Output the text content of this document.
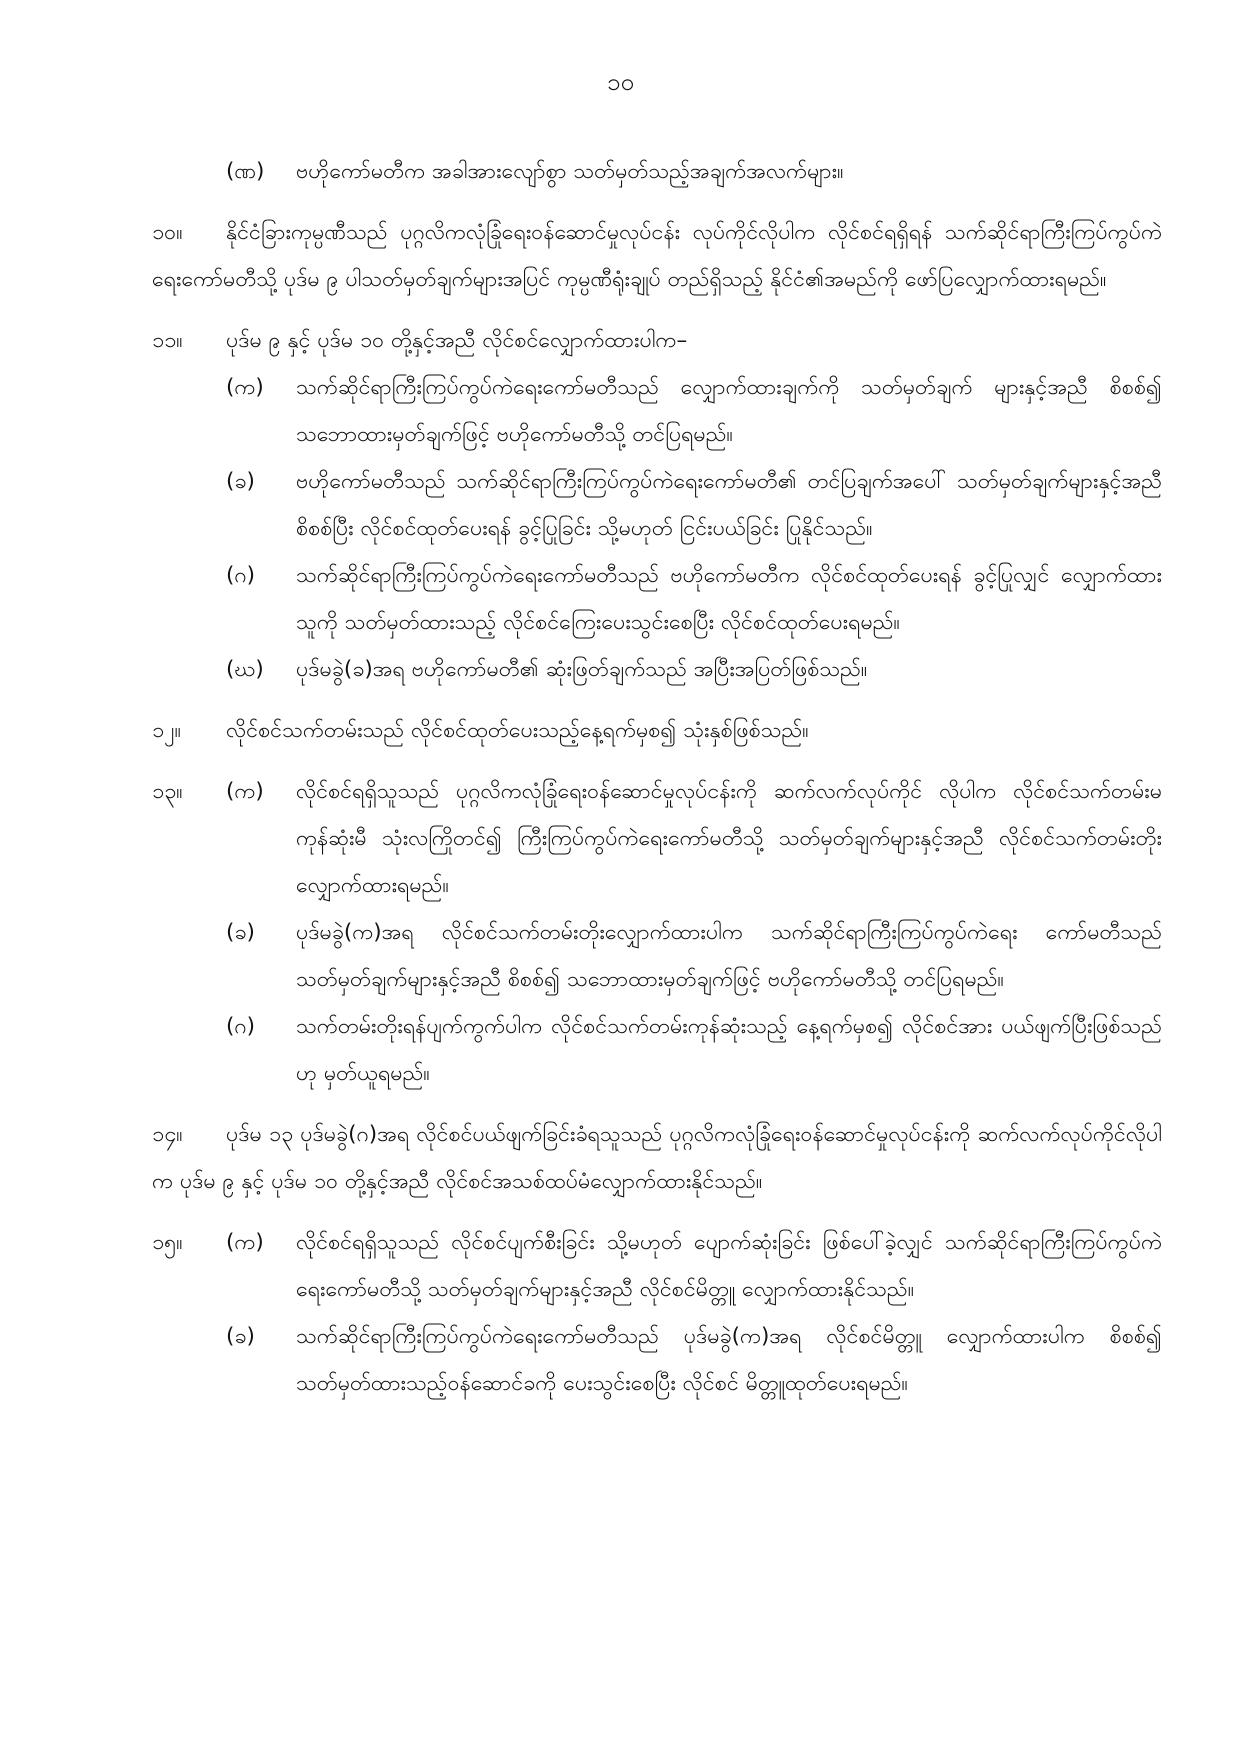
၁၀
(ဏ) ဗဟိုကော်မတီက အခါအားလျော်စွာ သတ်မှတ်သည့်အချက်အလက်များ။

၁၀။ နိုင်ငံခြားကုမ္ပဏီသည် ပုဂ္ဂလိကလုံခြုံရေးဝန်ဆောင်မှုလုပ်ငန်း လုပ်ကိုင်လိုပါက လိုင်စင်ရရှိရန် သက်ဆိုင်ရာကြီးကြပ်ကွပ်ကဲရေးကော်မတီသို့ ပုဒ်မ ၉ ပါသတ်မှတ်ချက်များအပြင် ကုမ္ပဏီရုံးချုပ် တည်ရှိသည့် နိုင်ငံ၏အမည်ကို ဖော်ပြလျှောက်ထားရမည်။

၁၁။	ပုဒ်မ ၉ နှင့် ပုဒ်မ ၁၀ တို့နှင့်အညီ လိုင်စင်လျှောက်ထားပါက–
(က) သက်ဆိုင်ရာကြီးကြပ်ကွပ်ကဲရေးကော်မတီသည် လျှောက်ထားချက်ကို သတ်မှတ်ချက် များနှင့်အညီ စိစစ်၍ သဘောထားမှတ်ချက်ဖြင့် ဗဟိုကော်မတီသို့ တင်ပြရမည်။
(ခ) ဗဟိုကော်မတီသည် သက်ဆိုင်ရာကြီးကြပ်ကွပ်ကဲရေးကော်မတီ၏ တင်ပြချက်အပေါ် သတ်မှတ်ချက်များနှင့်အညီ စိစစ်ပြီး လိုင်စင်ထုတ်ပေးရန် ခွင့်ပြုခြင်း သို့မဟုတ် ငြင်းပယ်ခြင်း ပြုနိုင်သည်။
(ဂ) သက်ဆိုင်ရာကြီးကြပ်ကွပ်ကဲရေးကော်မတီသည် ဗဟိုကော်မတီက လိုင်စင်ထုတ်ပေးရန် ခွင့်ပြုလျှင် လျှောက်ထားသူကို သတ်မှတ်ထားသည့် လိုင်စင်ကြေးပေးသွင်းစေပြီး လိုင်စင်ထုတ်ပေးရမည်။
(ဃ) ပုဒ်မခွဲ(ခ)အရ ဗဟိုကော်မတီ၏ ဆုံးဖြတ်ချက်သည် အပြီးအပြတ်ဖြစ်သည်။

၁၂။ လိုင်စင်သက်တမ်းသည် လိုင်စင်ထုတ်ပေးသည့်နေ့ရက်မှစ၍ သုံးနှစ်ဖြစ်သည်။

၁၃။ (က) လိုင်စင်ရရှိသူသည် ပုဂ္ဂလိကလုံခြုံရေးဝန်ဆောင်မှုလုပ်ငန်းကို ဆက်လက်လုပ်ကိုင် လိုပါက လိုင်စင်သက်တမ်းမကုန်ဆုံးမီ သုံးလကြိုတင်၍ ကြီးကြပ်ကွပ်ကဲရေးကော်မတီသို့ သတ်မှတ်ချက်များနှင့်အညီ လိုင်စင်သက်တမ်းတိုးလျှောက်ထားရမည်။
(ခ) ပုဒ်မခွဲ(က)အရ လိုင်စင်သက်တမ်းတိုးလျှောက်ထားပါက သက်ဆိုင်ရာကြီးကြပ်ကွပ်ကဲရေး ကော်မတီသည် သတ်မှတ်ချက်များနှင့်အညီ စိစစ်၍ သဘောထားမှတ်ချက်ဖြင့် ဗဟိုကော်မတီသို့ တင်ပြရမည်။
(ဂ) သက်တမ်းတိုးရန်ပျက်ကွက်ပါက လိုင်စင်သက်တမ်းကုန်ဆုံးသည့် နေ့ရက်မှစ၍ လိုင်စင်အား ပယ်ဖျက်ပြီးဖြစ်သည်ဟု မှတ်ယူရမည်။

၁၄။ ပုဒ်မ ၁၃ ပုဒ်မခွဲ(ဂ)အရ လိုင်စင်ပယ်ဖျက်ခြင်းခံရသူသည် ပုဂ္ဂလိကလုံခြုံရေးဝန်ဆောင်မှုလုပ်ငန်းကို ဆက်လက်လုပ်ကိုင်လိုပါက ပုဒ်မ ၉ နှင့် ပုဒ်မ ၁၀ တို့နှင့်အညီ လိုင်စင်အသစ်ထပ်မံလျှောက်ထားနိုင်သည်။

၁၅။ (က) လိုင်စင်ရရှိသူသည် လိုင်စင်ပျက်စီးခြင်း သို့မဟုတ် ပျောက်ဆုံးခြင်း ဖြစ်ပေါ်ခဲ့လျှင် သက်ဆိုင်ရာကြီးကြပ်ကွပ်ကဲရေးကော်မတီသို့ သတ်မှတ်ချက်များနှင့်အညီ လိုင်စင်မိတ္တူ လျှောက်ထားနိုင်သည်။
(ခ) သက်ဆိုင်ရာကြီးကြပ်ကွပ်ကဲရေးကော်မတီသည် ပုဒ်မခွဲ(က)အရ လိုင်စင်မိတ္တူ လျှောက်ထားပါက စိစစ်၍ သတ်မှတ်ထားသည့်ဝန်ဆောင်ခကို ပေးသွင်းစေပြီး လိုင်စင် မိတ္တူထုတ်ပေးရမည်။
